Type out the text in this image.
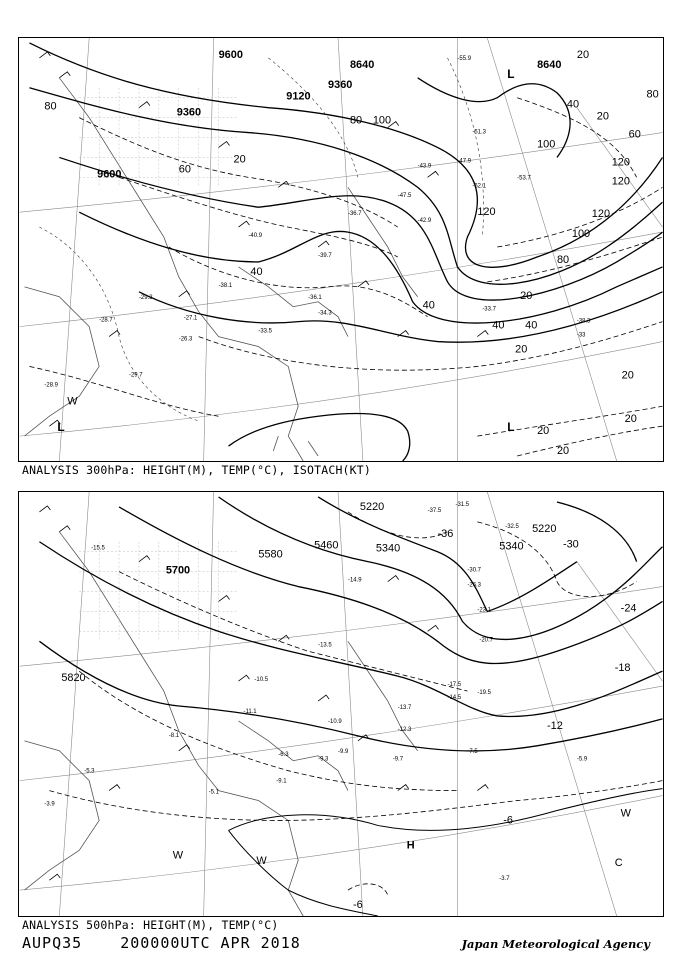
8640	8640
9120
9360
9600
9600
9360
20
20
40
40
60
80
80 100
100
120
120
120
20
40
20
80
100
120
40
60
80
20
20
40
20
20
20
L
L
W
L
-36.7
-55.9
-51.3
-47.9
-43.9
-42.9
-40.9
-39.7
-38.1
-34.3
-33.5
-29.3
-28.7	-27.1
-26.3
-33.7
-38.3
-33
-29.7
-28.9
-36.1
-47.5
-52.1
-53.7
ANALYSIS 300hPa: HEIGHT(M), TEMP(°C), ISOTACH(KT)
5220
5340
5460
5580
5700
5820
5340
5220
-36
-30
-24
-18
-12
-6
-6
W	W
W
H
C
-31.5
-37.5
-32.5
-30.7
-26.3
-23.1
-20.7
-19.5
-17.5
-14.5
-13.7
-12.3
-10.9
-9.9
-9.3
-7.5
-5.9
-5.1
-3.9
-3.7
-9.7
-5.3
-15.5
-14.9
-13.5
-11.1
-10.5
-8.1
-6.3
-9.1
ANALYSIS 500hPa: HEIGHT(M), TEMP(°C)
AUPQ35	200000UTC APR 2018	Japan Meteorological Agency
